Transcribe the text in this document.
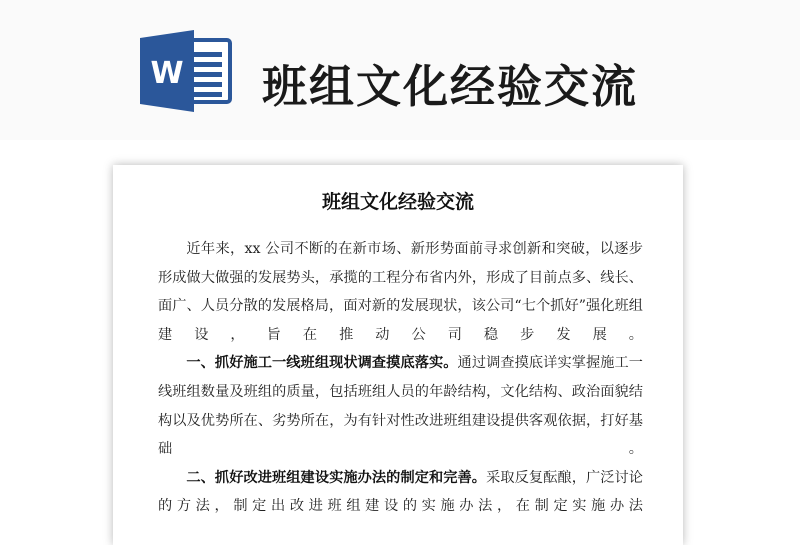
W 班组文化经验交流
班组文化经验交流

近年来，xx 公司不断的在新市场、新形势面前寻求创新和突破，以逐步形成做大做强的发展势头，承揽的工程分布省内外，形成了目前点多、线长、面广、人员分散的发展格局，面对新的发展现状，该公司“七个抓好”强化班组建设，旨在推动公司稳步发展。

一、抓好施工一线班组现状调查摸底落实。通过调查摸底详实掌握施工一线班组数量及班组的质量，包括班组人员的年龄结构，文化结构、政治面貌结构以及优势所在、劣势所在，为有针对性改进班组建设提供客观依据，打好基础。

二、抓好改进班组建设实施办法的制定和完善。采取反复酝酿，广泛讨论的方法，制定出改进班组建设的实施办法，在制定实施办法
